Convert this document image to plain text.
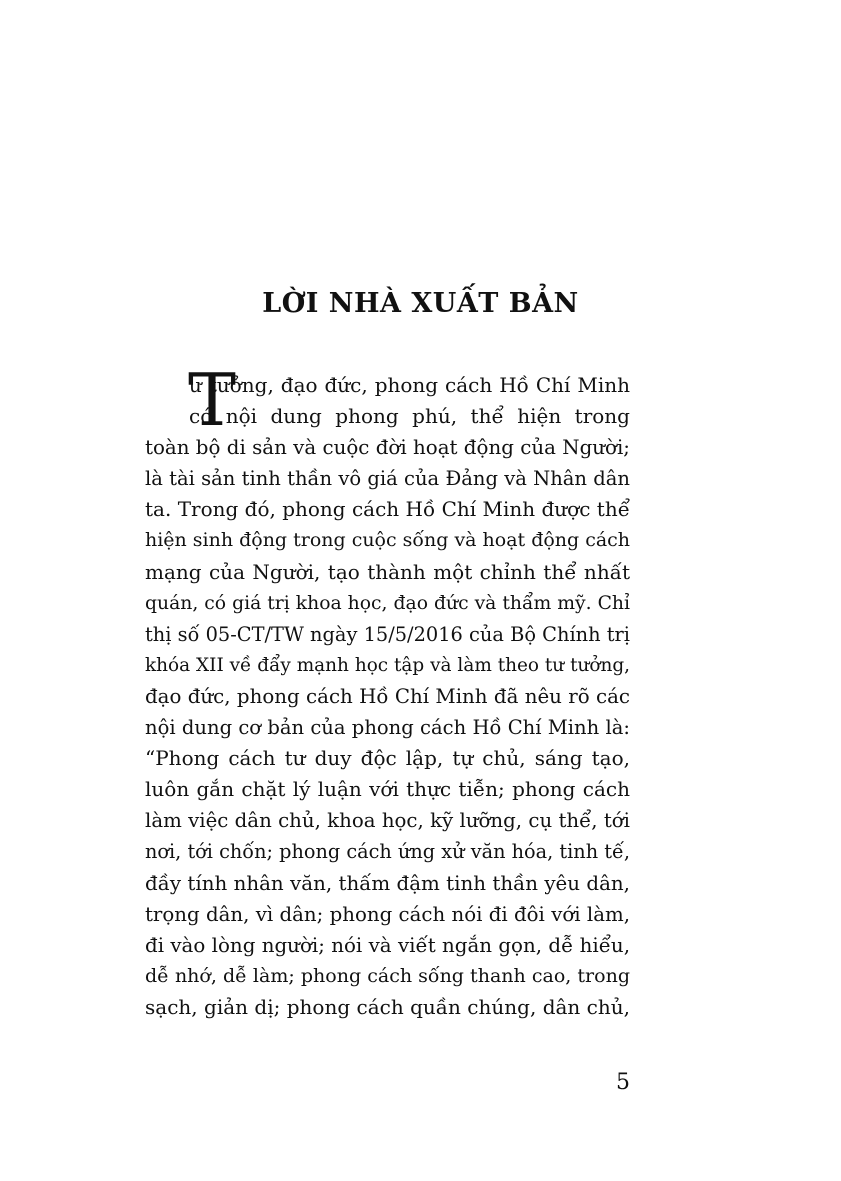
LỜI NHÀ XUẤT BẢN
T
ư tưởng, đạo đức, phong cách Hồ Chí Minh
có nội dung phong phú, thể hiện trong
toàn bộ di sản và cuộc đời hoạt động của Người;
là tài sản tinh thần vô giá của Đảng và Nhân dân
ta. Trong đó, phong cách Hồ Chí Minh được thể
hiện sinh động trong cuộc sống và hoạt động cách
mạng của Người, tạo thành một chỉnh thể nhất
quán, có giá trị khoa học, đạo đức và thẩm mỹ. Chỉ
thị số 05-CT/TW ngày 15/5/2016 của Bộ Chính trị
khóa XII về đẩy mạnh học tập và làm theo tư tưởng,
đạo đức, phong cách Hồ Chí Minh đã nêu rõ các
nội dung cơ bản của phong cách Hồ Chí Minh là:
“Phong cách tư duy độc lập, tự chủ, sáng tạo,
luôn gắn chặt lý luận với thực tiễn; phong cách
làm việc dân chủ, khoa học, kỹ lưỡng, cụ thể, tới
nơi, tới chốn; phong cách ứng xử văn hóa, tinh tế,
đầy tính nhân văn, thấm đậm tinh thần yêu dân,
trọng dân, vì dân; phong cách nói đi đôi với làm,
đi vào lòng người; nói và viết ngắn gọn, dễ hiểu,
dễ nhớ, dễ làm; phong cách sống thanh cao, trong
sạch, giản dị; phong cách quần chúng, dân chủ,
5
